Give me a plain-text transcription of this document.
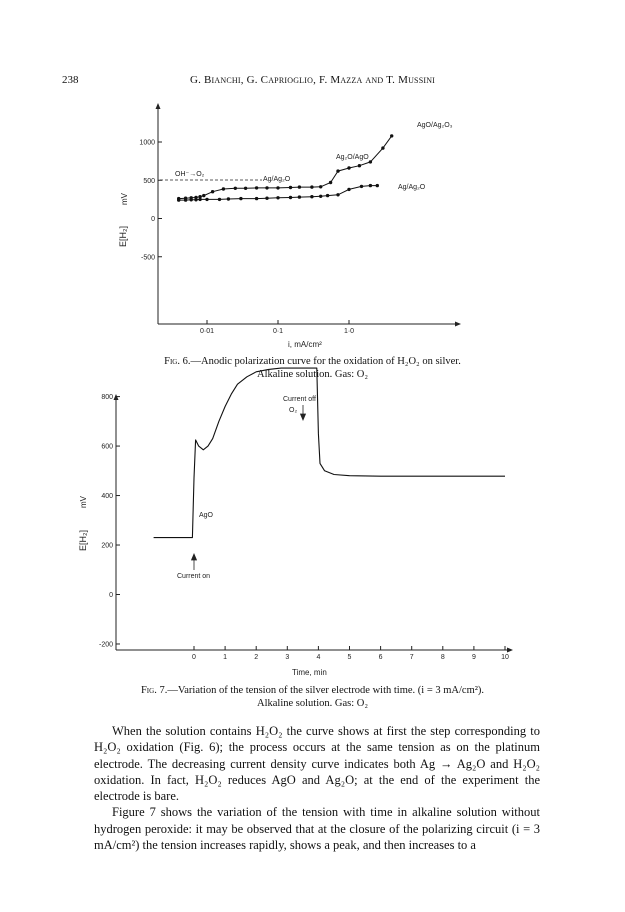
238	G. Bianchi, G. Caprioglio, F. Mazza and T. Mussini
1000
500
0
-500
0·01	0·1	1·0
AgO/Ag₂O₃
Ag₂O/AgO
Ag/Ag₂O
Ag/Ag₂O
OH⁻→O₂
mV
E[H₂]
i, mA/cm²
Fig. 6.—Anodic polarization curve for the oxidation of H₂O₂ on silver.
Alkaline solution. Gas: O₂
800
600
400
200
0
-200
0	1	2	3	4	5	6	7	8	9	10
Current off
O₂
AgO
Current on
mV
E[H₂]
Time, min
Fig. 7.—Variation of the tension of the silver electrode with time. (i = 3 mA/cm²).
Alkaline solution. Gas: O₂

When the solution contains H₂O₂ the curve shows at first the step corresponding to H₂O₂ oxidation (Fig. 6); the process occurs at the same tension as on the platinum electrode. The decreasing current density curve indicates both Ag → Ag₂O and H₂O₂ oxidation. In fact, H₂O₂ reduces AgO and Ag₂O; at the end of the experiment the electrode is bare.

Figure 7 shows the variation of the tension with time in alkaline solution without hydrogen peroxide: it may be observed that at the closure of the polarizing circuit (i = 3 mA/cm²) the tension increases rapidly, shows a peak, and then increases to a
